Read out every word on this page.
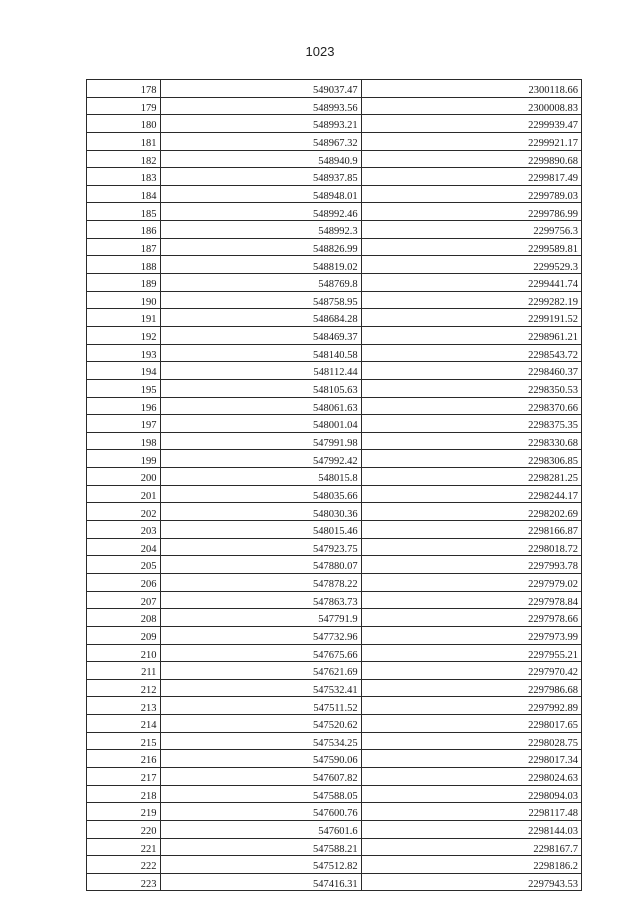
1023
178	549037.47	2300118.66
179	548993.56	2300008.83
180	548993.21	2299939.47
181	548967.32	2299921.17
182	548940.9	2299890.68
183	548937.85	2299817.49
184	548948.01	2299789.03
185	548992.46	2299786.99
186	548992.3	2299756.3
187	548826.99	2299589.81
188	548819.02	2299529.3
189	548769.8	2299441.74
190	548758.95	2299282.19
191	548684.28	2299191.52
192	548469.37	2298961.21
193	548140.58	2298543.72
194	548112.44	2298460.37
195	548105.63	2298350.53
196	548061.63	2298370.66
197	548001.04	2298375.35
198	547991.98	2298330.68
199	547992.42	2298306.85
200	548015.8	2298281.25
201	548035.66	2298244.17
202	548030.36	2298202.69
203	548015.46	2298166.87
204	547923.75	2298018.72
205	547880.07	2297993.78
206	547878.22	2297979.02
207	547863.73	2297978.84
208	547791.9	2297978.66
209	547732.96	2297973.99
210	547675.66	2297955.21
211	547621.69	2297970.42
212	547532.41	2297986.68
213	547511.52	2297992.89
214	547520.62	2298017.65
215	547534.25	2298028.75
216	547590.06	2298017.34
217	547607.82	2298024.63
218	547588.05	2298094.03
219	547600.76	2298117.48
220	547601.6	2298144.03
221	547588.21	2298167.7
222	547512.82	2298186.2
223	547416.31	2297943.53
